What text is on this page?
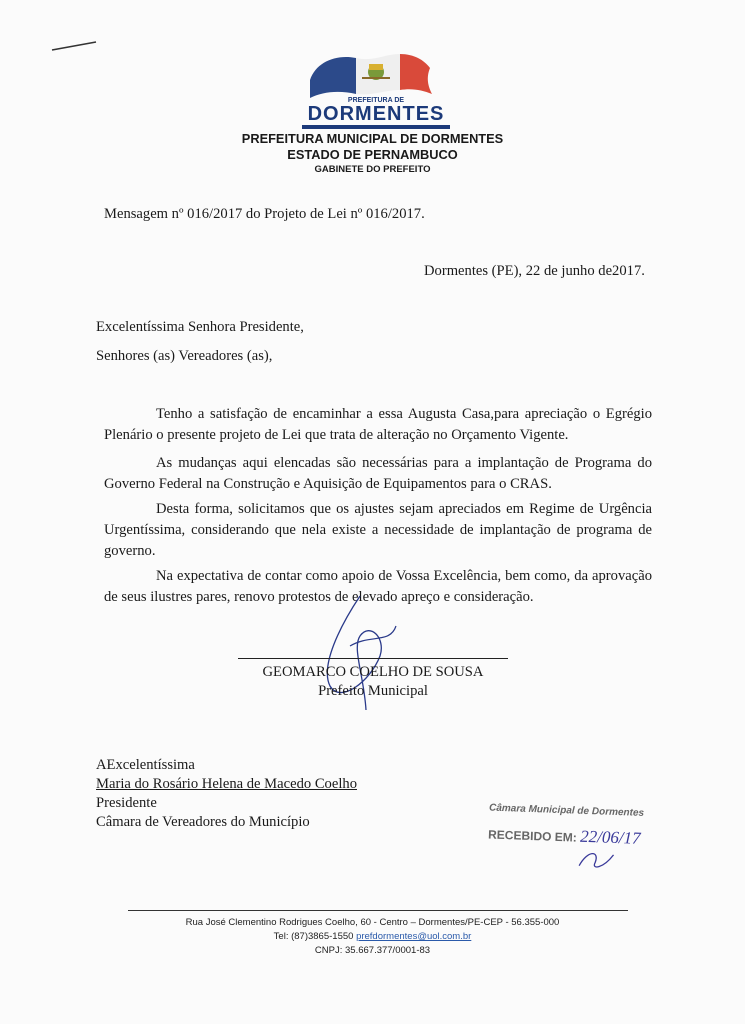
PREFEITURA DE
DORMENTES
PREFEITURA MUNICIPAL DE DORMENTES
ESTADO DE PERNAMBUCO
GABINETE DO PREFEITO
Mensagem nº 016/2017 do Projeto de Lei nº 016/2017.
Dormentes (PE), 22 de junho de2017.
Excelentíssima Senhora Presidente,
Senhores (as) Vereadores (as),
Tenho a satisfação de encaminhar a essa Augusta Casa,para apreciação o Egrégio Plenário o presente projeto de Lei que trata de alteração no Orçamento Vigente.
As mudanças aqui elencadas são necessárias para a implantação de Programa do Governo Federal na Construção e Aquisição de Equipamentos para o CRAS.
Desta forma, solicitamos que os ajustes sejam apreciados em Regime de Urgência Urgentíssima, considerando que nela existe a necessidade de implantação de programa de governo.
Na expectativa de contar como apoio de Vossa Excelência, bem como, da aprovação de seus ilustres pares, renovo protestos de elevado apreço e consideração.
GEOMARCO COELHO DE SOUSA
Prefeito Municipal
AExcelentíssima
Maria do Rosário Helena de Macedo Coelho
Presidente
Câmara de Vereadores do Município
Câmara Municipal de Dormentes
RECEBIDO EM: 22/06/17
Rua José Clementino Rodrigues Coelho, 60 - Centro – Dormentes/PE-CEP - 56.355-000
Tel: (87)3865-1550 prefdormentes@uol.com.br
CNPJ: 35.667.377/0001-83
